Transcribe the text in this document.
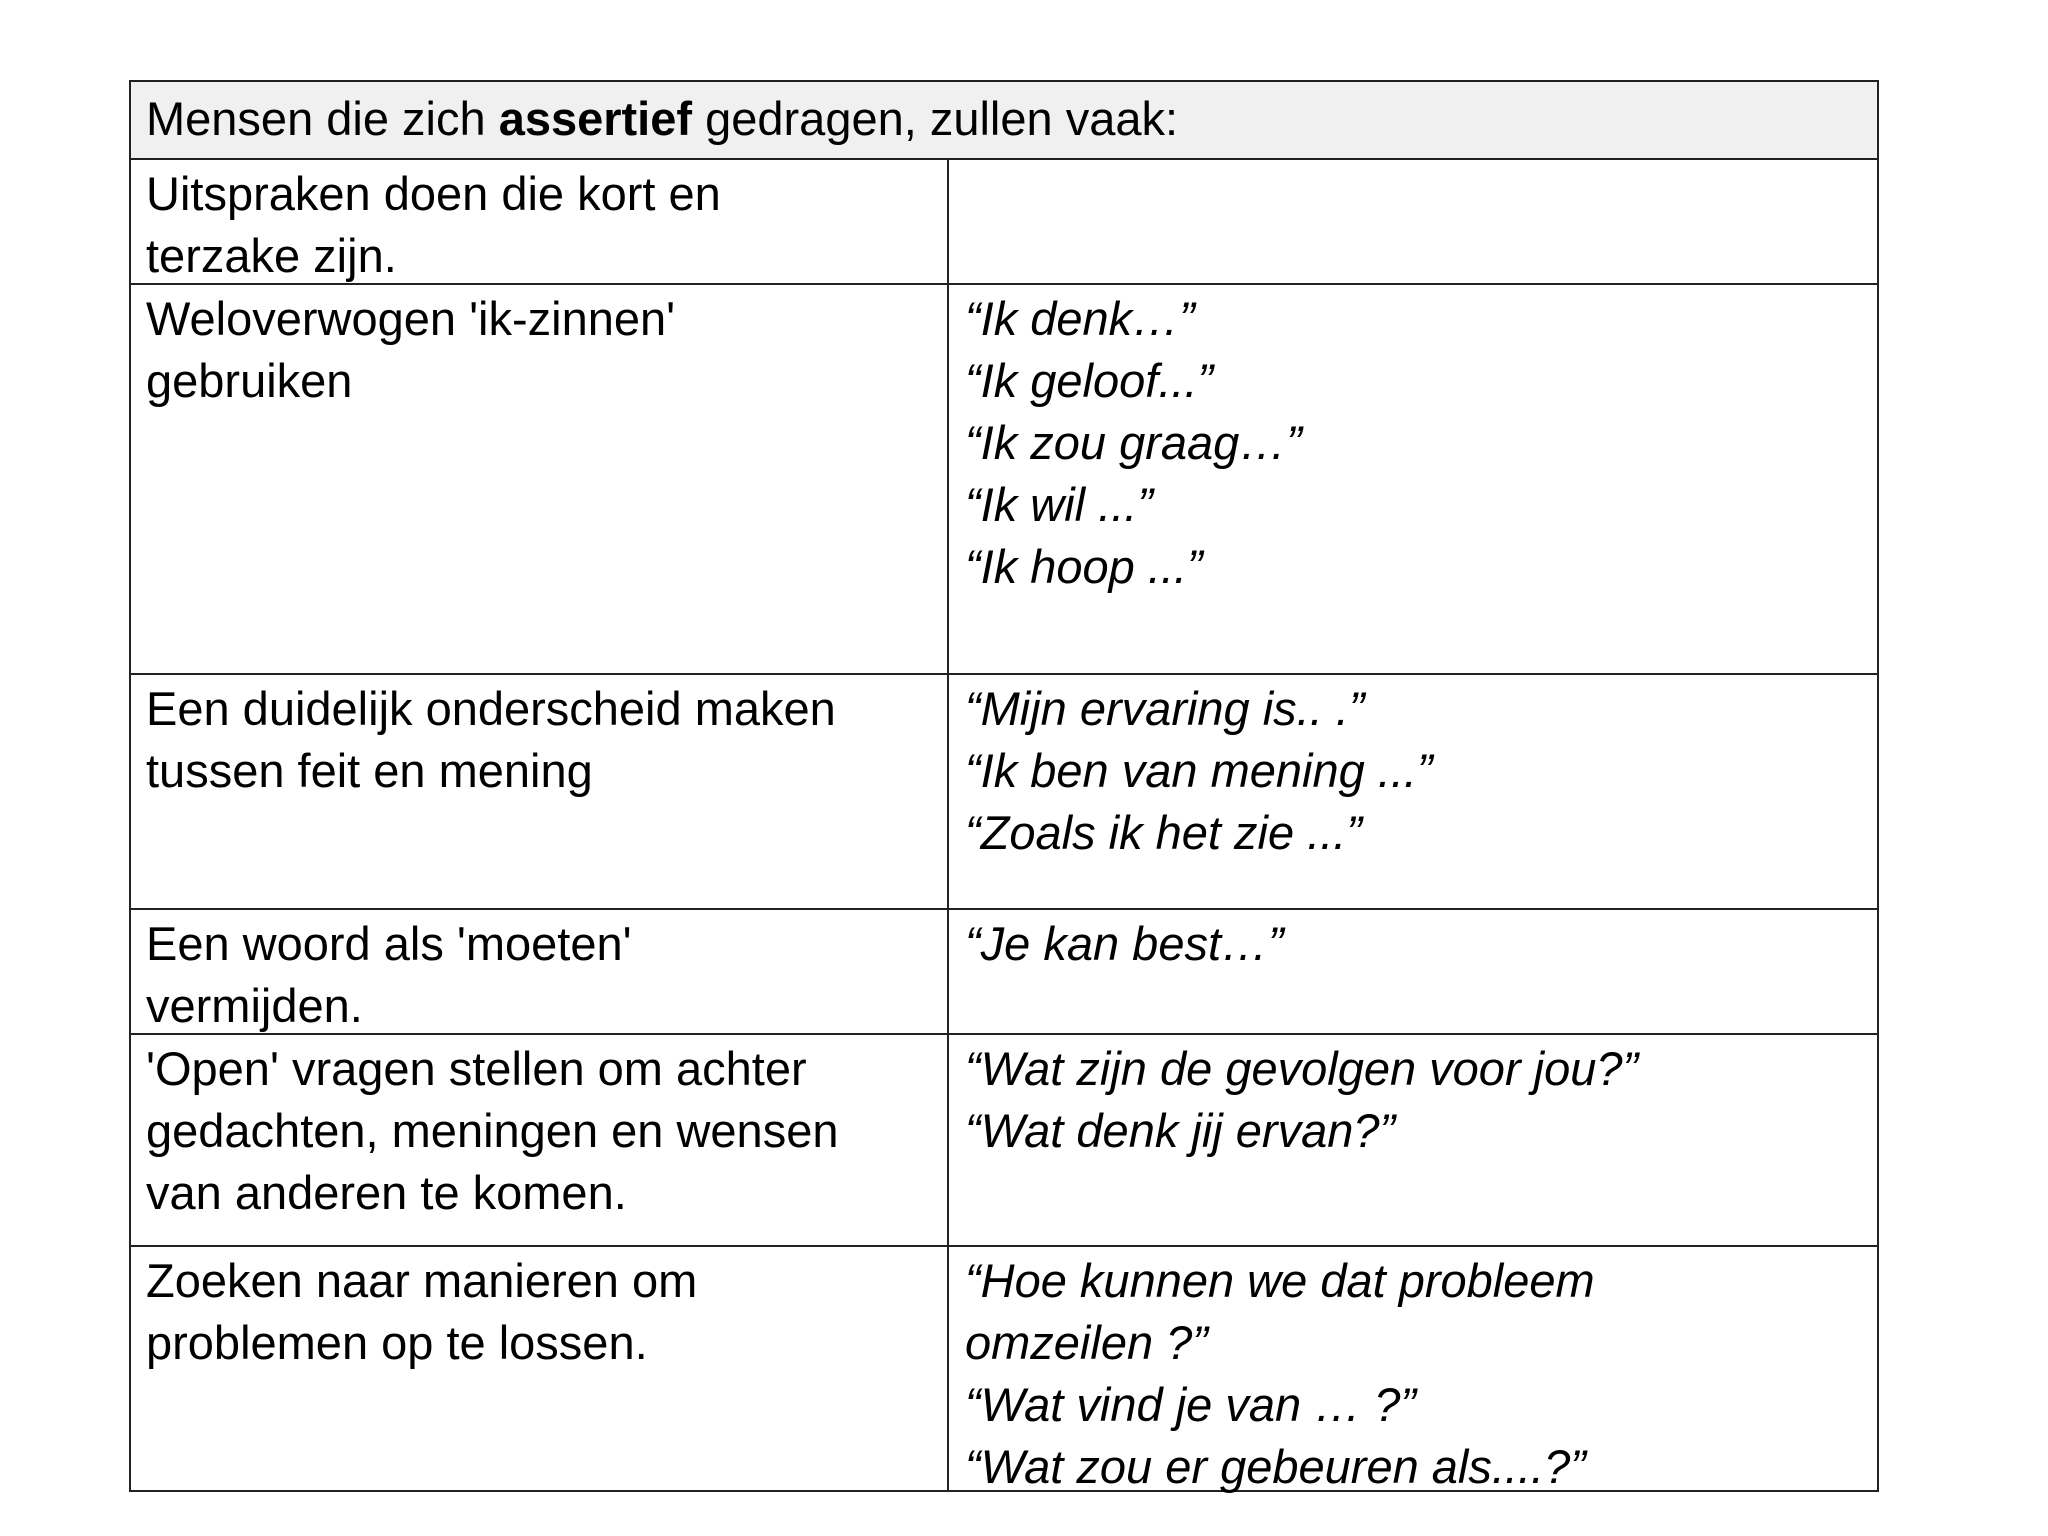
Mensen die zich assertief gedragen, zullen vaak:
Uitspraken doen die kort en
terzake zijn.
Weloverwogen 'ik-zinnen'
gebruiken
“Ik denk…”
“Ik geloof...”
“Ik zou graag…”
“Ik wil ...”
“Ik hoop ...”
Een duidelijk onderscheid maken
tussen feit en mening
“Mijn ervaring is.. .”
“Ik ben van mening ...”
“Zoals ik het zie ...”
Een woord als 'moeten'
vermijden.
“Je kan best…”
'Open' vragen stellen om achter
gedachten, meningen en wensen
van anderen te komen.
“Wat zijn de gevolgen voor jou?”
“Wat denk jij ervan?”
Zoeken naar manieren om
problemen op te lossen.
“Hoe kunnen we dat probleem
omzeilen ?”
“Wat vind je van … ?”
“Wat zou er gebeuren als....?”
